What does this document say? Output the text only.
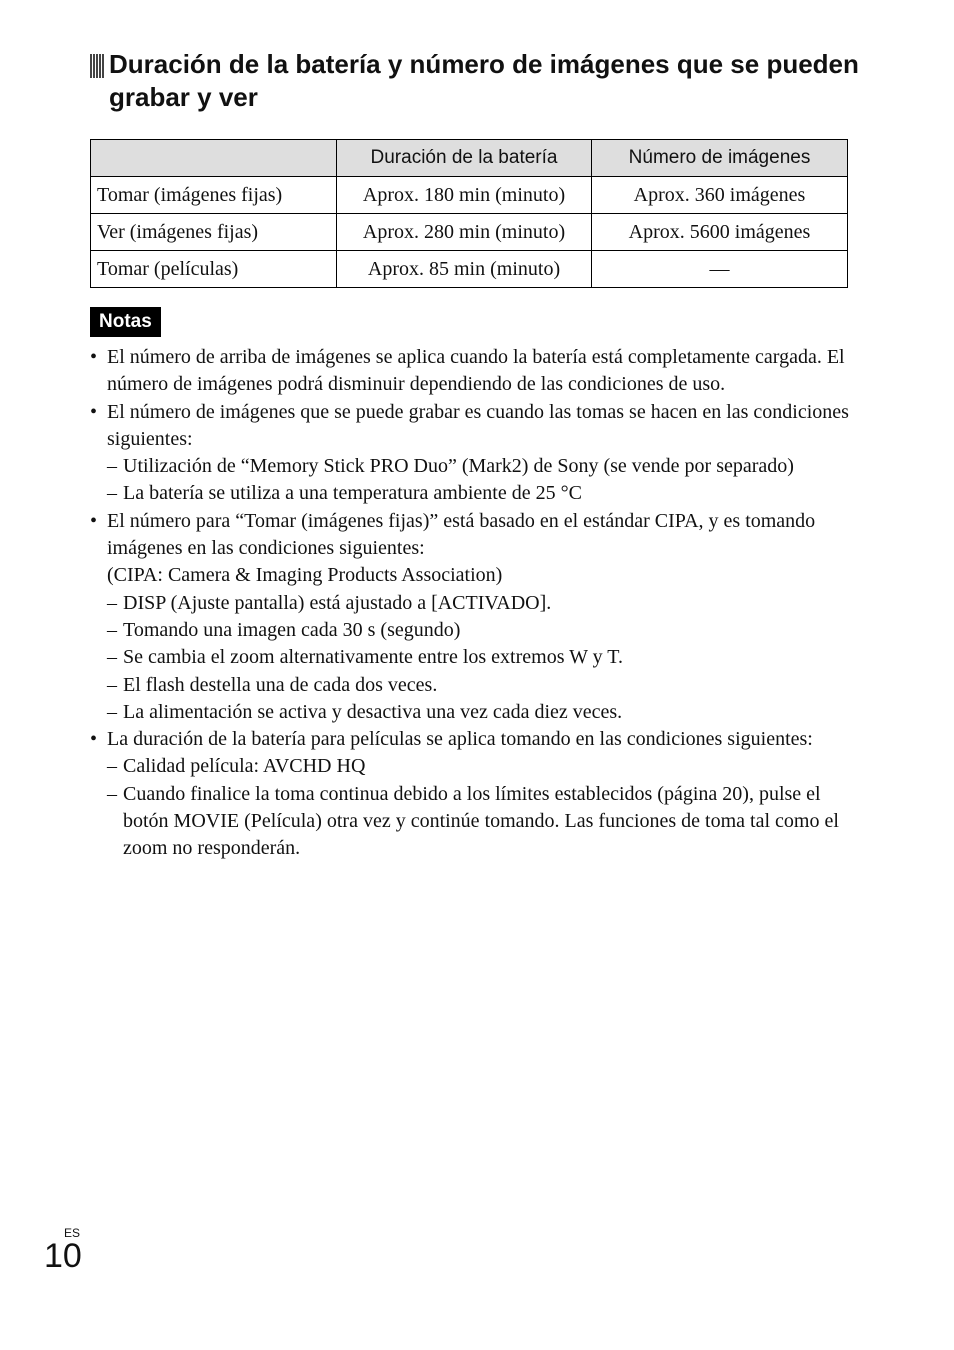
Duración de la batería y número de imágenes que se pueden grabar y ver
	Duración de la batería	Número de imágenes
Tomar (imágenes fijas)	Aprox. 180 min (minuto)	Aprox. 360 imágenes
Ver (imágenes fijas)	Aprox. 280 min (minuto)	Aprox. 5600 imágenes
Tomar (películas)	Aprox. 85 min (minuto)	—
Notas
• El número de arriba de imágenes se aplica cuando la batería está completamente cargada. El número de imágenes podrá disminuir dependiendo de las condiciones de uso.
• El número de imágenes que se puede grabar es cuando las tomas se hacen en las condiciones siguientes:
– Utilización de “Memory Stick PRO Duo” (Mark2) de Sony (se vende por separado)
– La batería se utiliza a una temperatura ambiente de 25 °C
• El número para “Tomar (imágenes fijas)” está basado en el estándar CIPA, y es tomando imágenes en las condiciones siguientes:
(CIPA: Camera & Imaging Products Association)
– DISP (Ajuste pantalla) está ajustado a [ACTIVADO].
– Tomando una imagen cada 30 s (segundo)
– Se cambia el zoom alternativamente entre los extremos W y T.
– El flash destella una de cada dos veces.
– La alimentación se activa y desactiva una vez cada diez veces.
• La duración de la batería para películas se aplica tomando en las condiciones siguientes:
– Calidad película: AVCHD HQ
– Cuando finalice la toma continua debido a los límites establecidos (página 20), pulse el botón MOVIE (Película) otra vez y continúe tomando. Las funciones de toma tal como el zoom no responderán.
ES
10
